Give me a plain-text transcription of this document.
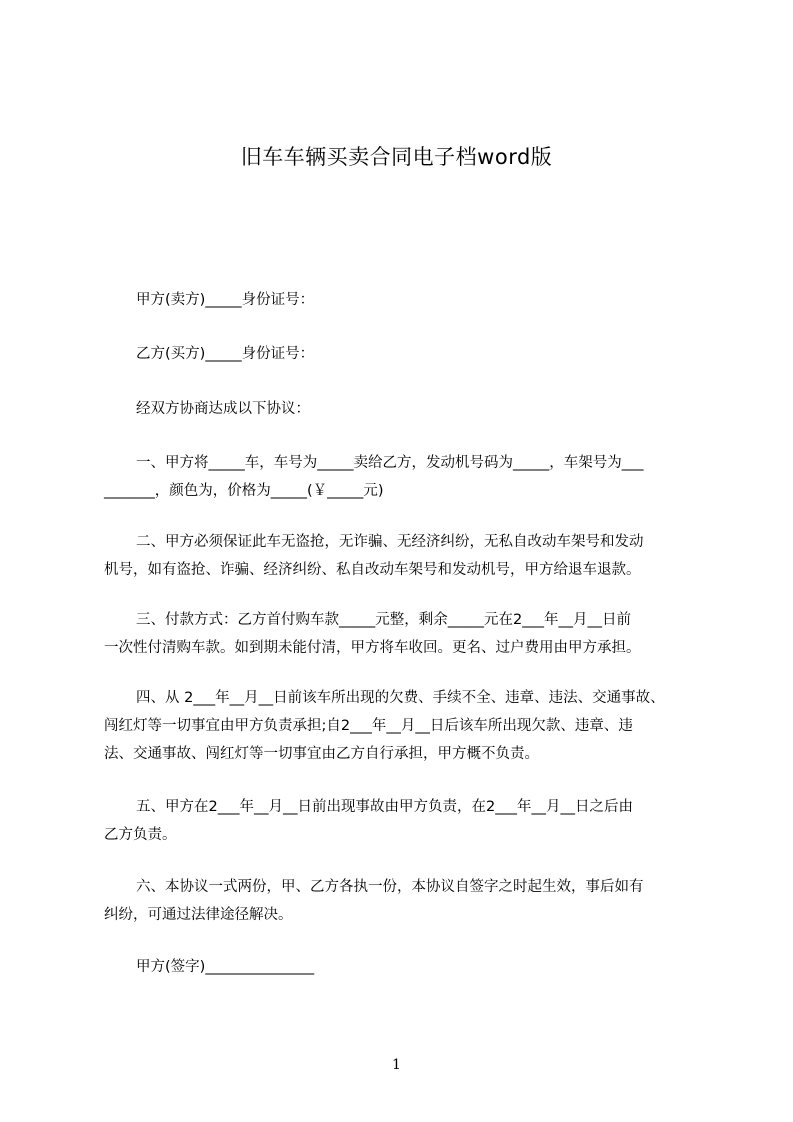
旧车车辆买卖合同电子档word版
甲方(卖方)_____身份证号：
乙方(买方)_____身份证号：
经双方协商达成以下协议：
一、甲方将_____车，车号为_____卖给乙方，发动机号码为_____，车架号为___
_______，颜色为，价格为_____(￥_____元)
二、甲方必须保证此车无盗抢，无诈骗、无经济纠纷，无私自改动车架号和发动
机号，如有盗抢、诈骗、经济纠纷、私自改动车架号和发动机号，甲方给退车退款。
三、付款方式：乙方首付购车款_____元整，剩余_____元在2___年__月__日前
一次性付清购车款。如到期未能付清，甲方将车收回。更名、过户费用由甲方承担。
四、从 2___年__月__日前该车所出现的欠费、手续不全、违章、违法、交通事故、
闯红灯等一切事宜由甲方负责承担;自2___年__月__日后该车所出现欠款、违章、违
法、交通事故、闯红灯等一切事宜由乙方自行承担，甲方概不负责。
五、甲方在2___年__月__日前出现事故由甲方负责，在2___年__月__日之后由
乙方负责。
六、本协议一式两份，甲、乙方各执一份，本协议自签字之时起生效，事后如有
纠纷，可通过法律途径解决。
甲方(签字)_______________
1
